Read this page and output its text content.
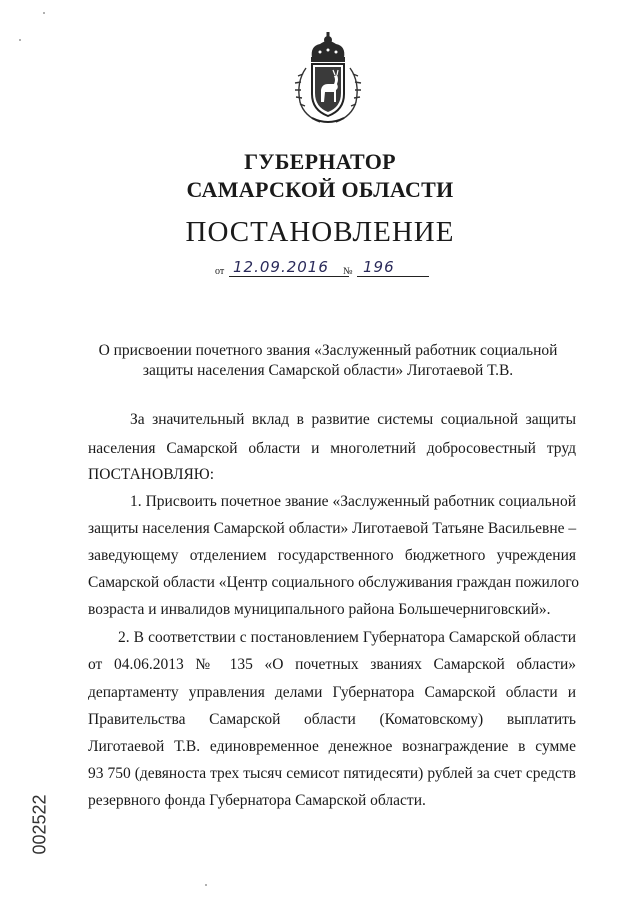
ГУБЕРНАТОР
САМАРСКОЙ ОБЛАСТИ
ПОСТАНОВЛЕНИЕ
от 12.09.2016 № 196
О присвоении почетного звания «Заслуженный работник социальной
защиты населения Самарской области» Лиготаевой Т.В.
За значительный вклад в развитие системы социальной защиты
населения Самарской области и многолетний добросовестный труд
ПОСТАНОВЛЯЮ:
1. Присвоить почетное звание «Заслуженный работник социальной
защиты населения Самарской области» Лиготаевой Татьяне Васильевне –
заведующему отделением государственного бюджетного учреждения
Самарской области «Центр социального обслуживания граждан пожилого
возраста и инвалидов муниципального района Большечерниговский».
2. В соответствии с постановлением Губернатора Самарской области
от 04.06.2013 № 135 «О почетных званиях Самарской области»
департаменту управления делами Губернатора Самарской области и
Правительства Самарской области (Коматовскому) выплатить
Лиготаевой Т.В. единовременное денежное вознаграждение в сумме
93 750 (девяноста трех тысяч семисот пятидесяти) рублей за счет средств
резервного фонда Губернатора Самарской области.
002522
